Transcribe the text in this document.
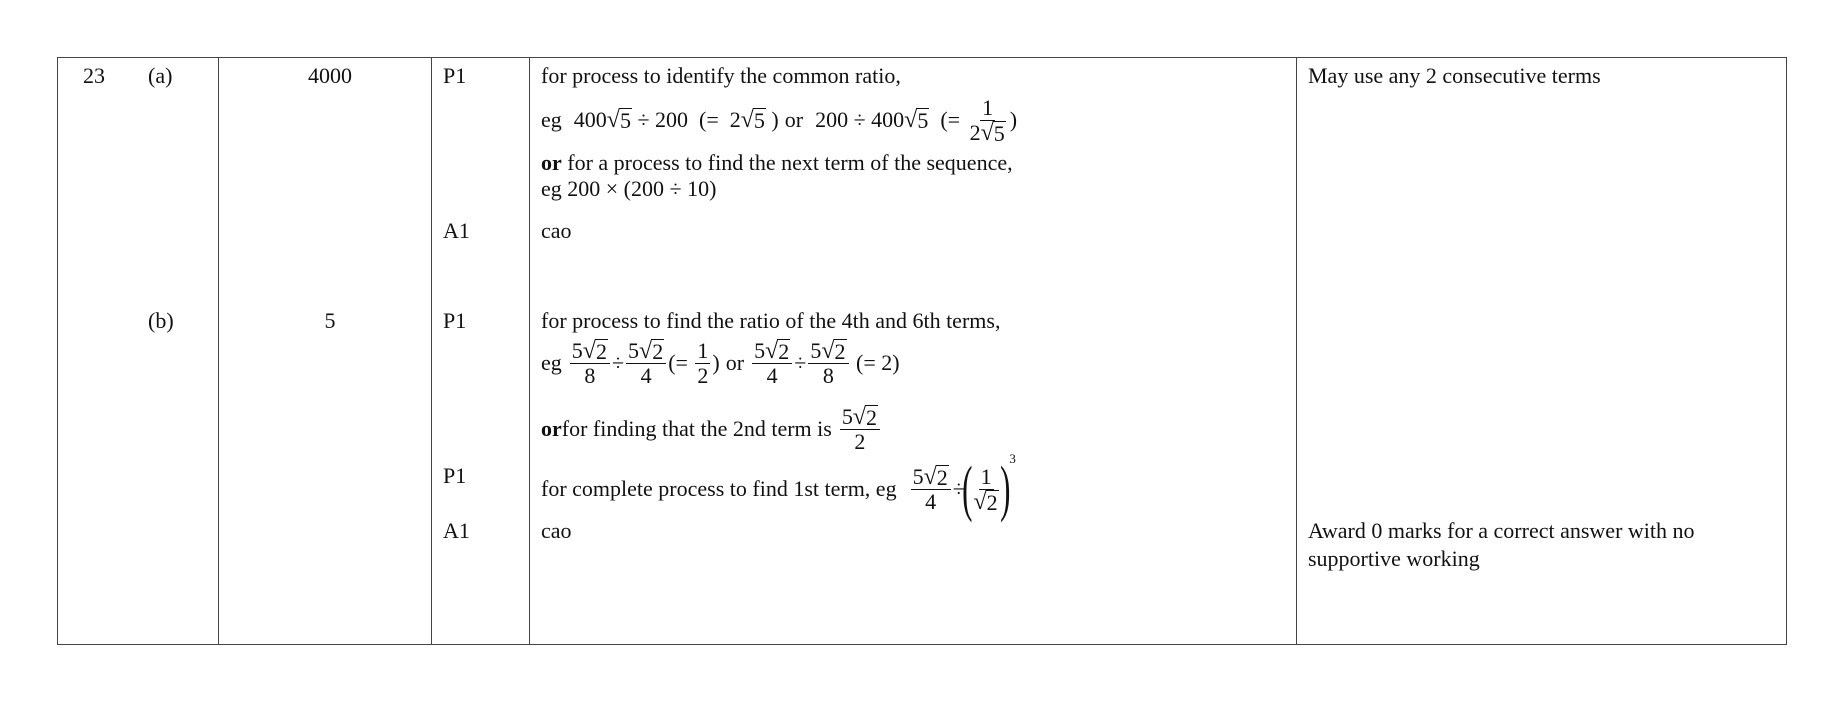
23 (a)	4000
(b)	5
P1
A1
P1
P1
A1
for process to identify the common ratio,
eg 400 √ 5 ÷ 200  (=  2 √ 5 ) or 200 ÷ 400 √ 5 (= $\frac{1}{2 √ 5}$ )
or for a process to find the next term of the sequence,
eg 200 × (200 ÷ 10)
cao
for process to find the ratio of the 4th and 6th terms,
eg $\frac{5 √ 2}{8} \div \frac{5 √ 2}{4}$ (= $\frac{1}{2}$ ) or $\frac{5 √ 2}{4} \div \frac{5 √ 2}{8}$ (= 2)
or for finding that the 2nd term is $\frac{5 √ 2}{2}$
for complete process to find 1st term, eg $\frac{5 √ 2}{4}$ ÷
( $\frac{1}{√ 2}$ ) 3
cao
May use any 2 consecutive terms
Award 0 marks for a correct answer with no
supportive working
